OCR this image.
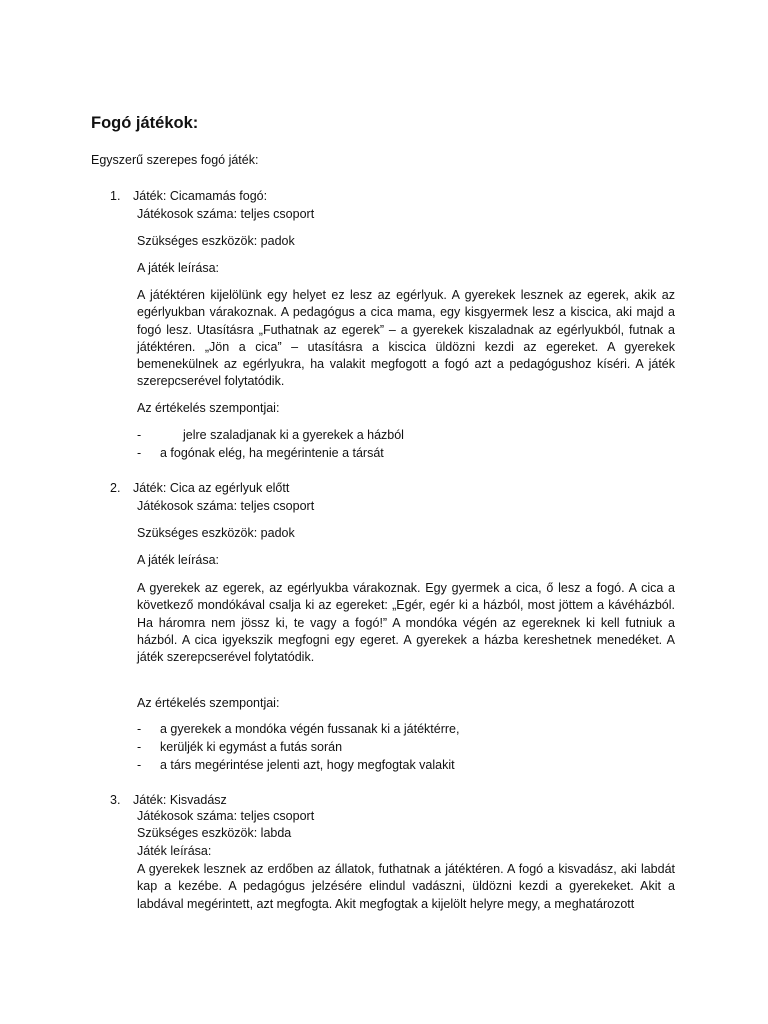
Fogó játékok:

Egyszerű szerepes fogó játék:

1. Játék: Cicamamás fogó:

Játékosok száma: teljes csoport

Szükséges eszközök: padok

A játék leírása:

A játéktéren kijelölünk egy helyet ez lesz az egérlyuk. A gyerekek lesznek az egerek, akik az egérlyukban várakoznak. A pedagógus a cica mama, egy kisgyermek lesz a kiscica, aki majd a fogó lesz. Utasításra „Futhatnak az egerek” – a gyerekek kiszaladnak az egérlyukból, futnak a játéktéren. „Jön a cica” – utasításra a kiscica üldözni kezdi az egereket. A gyerekek bemenekülnek az egérlyukra, ha valakit megfogott a fogó azt a pedagógushoz kíséri. A játék szerepcserével folytatódik.

Az értékelés szempontjai:

-	jelre szaladjanak ki a gyerekek a házból

- a fogónak elég, ha megérintenie a társát

2. Játék: Cica az egérlyuk előtt

Játékosok száma: teljes csoport

Szükséges eszközök: padok

A játék leírása:

A gyerekek az egerek, az egérlyukba várakoznak. Egy gyermek a cica, ő lesz a fogó. A cica a következő mondókával csalja ki az egereket: „Egér, egér ki a házból, most jöttem a kávéházból. Ha háromra nem jössz ki, te vagy a fogó!” A mondóka végén az egereknek ki kell futniuk a házból. A cica igyekszik megfogni egy egeret. A gyerekek a házba kereshetnek menedéket. A játék szerepcserével folytatódik.

Az értékelés szempontjai:

- a gyerekek a mondóka végén fussanak ki a játéktérre,

- kerüljék ki egymást a futás során

- a társ megérintése jelenti azt, hogy megfogtak valakit

3. Játék: Kisvadász

Játékosok száma: teljes csoport

Szükséges eszközök: labda

Játék leírása:

A gyerekek lesznek az erdőben az állatok, futhatnak a játéktéren. A fogó a kisvadász, aki labdát kap a kezébe. A pedagógus jelzésére elindul vadászni, üldözni kezdi a gyerekeket. Akit a labdával megérintett, azt megfogta. Akit megfogtak a kijelölt helyre megy, a meghatározott
